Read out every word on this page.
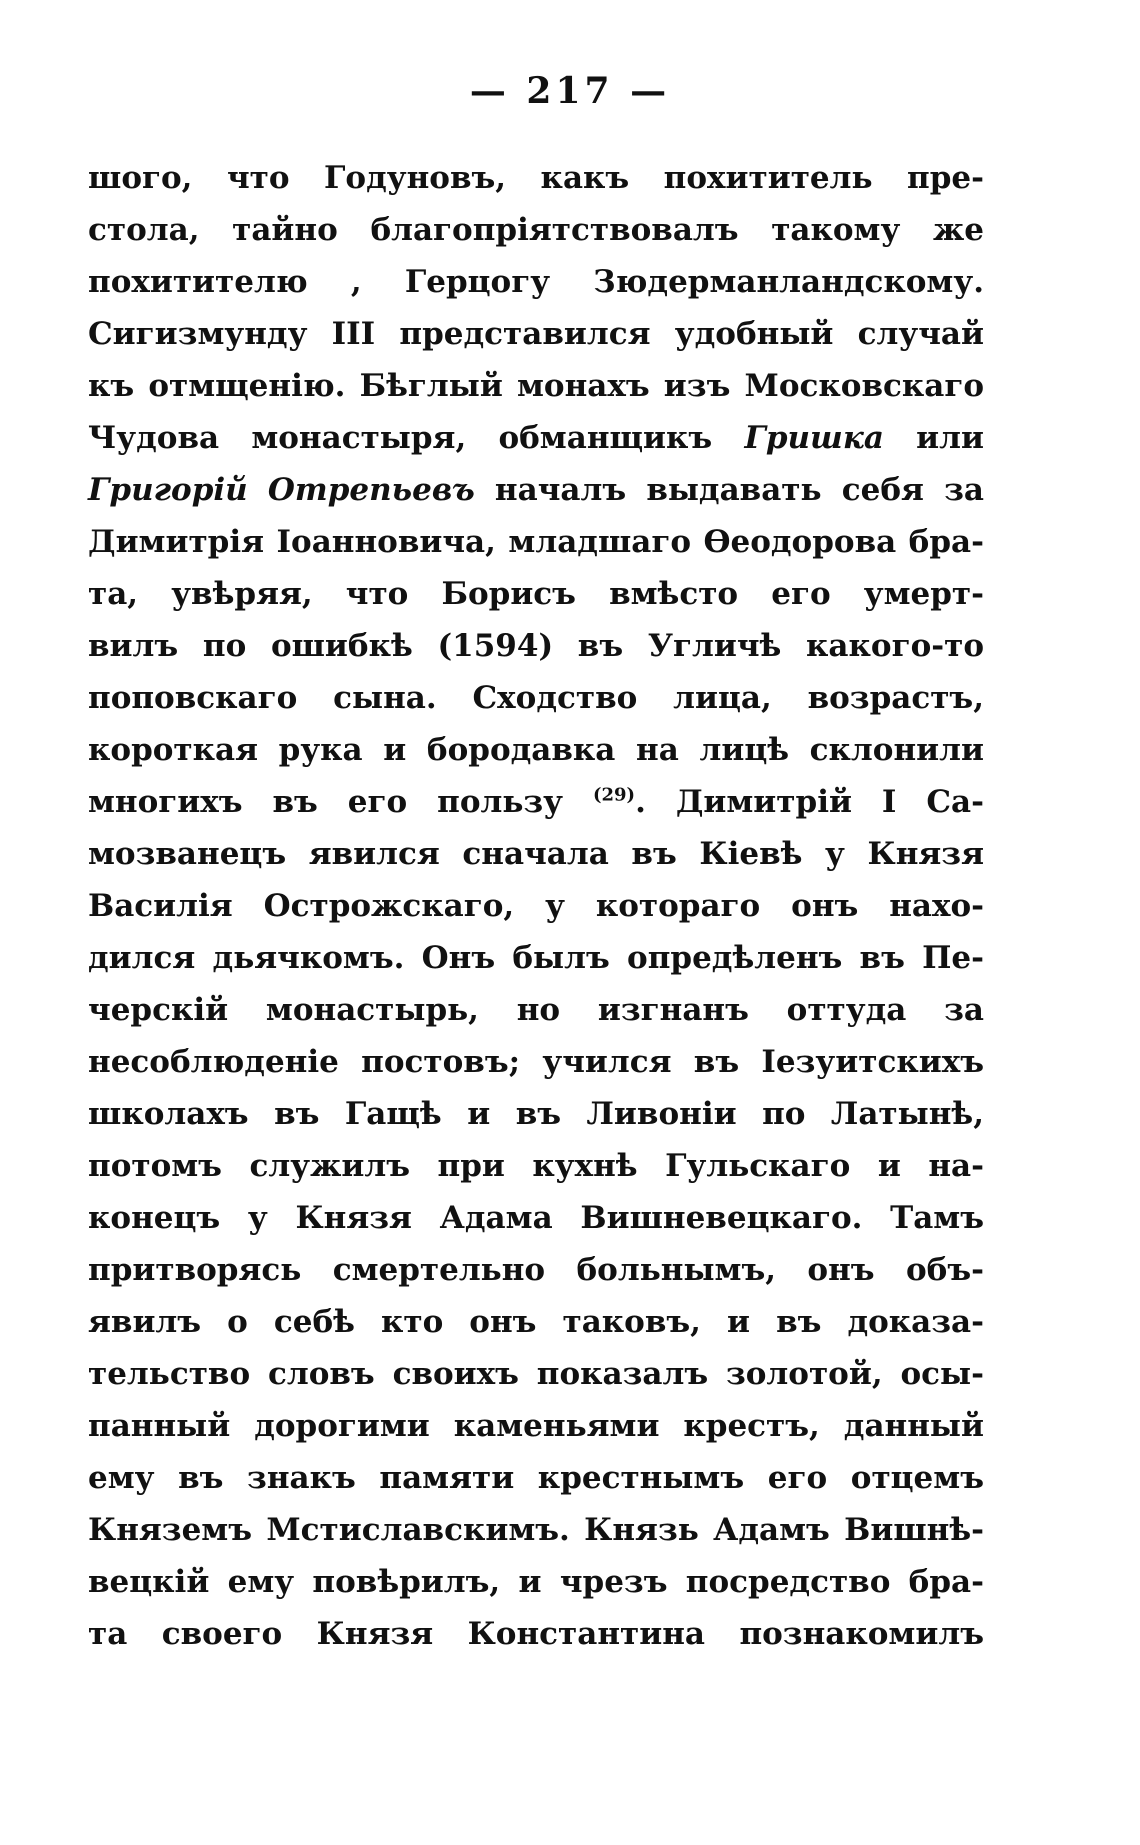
— 217 —
шого, что Годуновъ, какъ похититель пре-
стола, тайно благопріятствовалъ такому же
похитителю , Герцогу Зюдерманландскому.
Сигизмунду III представился удобный случай
къ отмщенію. Бѣглый монахъ изъ Московскаго
Чудова монастыря, обманщикъ Гришка или
Григорій Отрепьевъ началъ выдавать себя за
Димитрія Іоанновича, младшаго Ѳеодорова бра-
та, увѣряя, что Борисъ вмѣсто его умерт-
вилъ по ошибкѣ (1594) въ Угличѣ какого-то
поповскаго сына. Сходство лица, возрастъ,
короткая рука и бородавка на лицѣ склонили
многихъ въ его пользу $^{(29)}$. Димитрій I Са-
мозванецъ явился сначала въ Кіевѣ у Князя
Василія Острожскаго, у котораго онъ нахо-
дился дьячкомъ. Онъ былъ опредѣленъ въ Пе-
черскій монастырь, но изгнанъ оттуда за
несоблюденіе постовъ; учился въ Іезуитскихъ
школахъ въ Гащѣ и въ Ливоніи по Латынѣ,
потомъ служилъ при кухнѣ Гульскаго и на-
конецъ у Князя Адама Вишневецкаго. Тамъ
притворясь смертельно больнымъ, онъ объ-
явилъ о себѣ кто онъ таковъ, и въ доказа-
тельство словъ своихъ показалъ золотой, осы-
панный дорогими каменьями крестъ, данный
ему въ знакъ памяти крестнымъ его отцемъ
Княземъ Мстиславскимъ. Князь Адамъ Вишнѣ-
вецкій ему повѣрилъ, и чрезъ посредство бра-
та своего Князя Константина познакомилъ
